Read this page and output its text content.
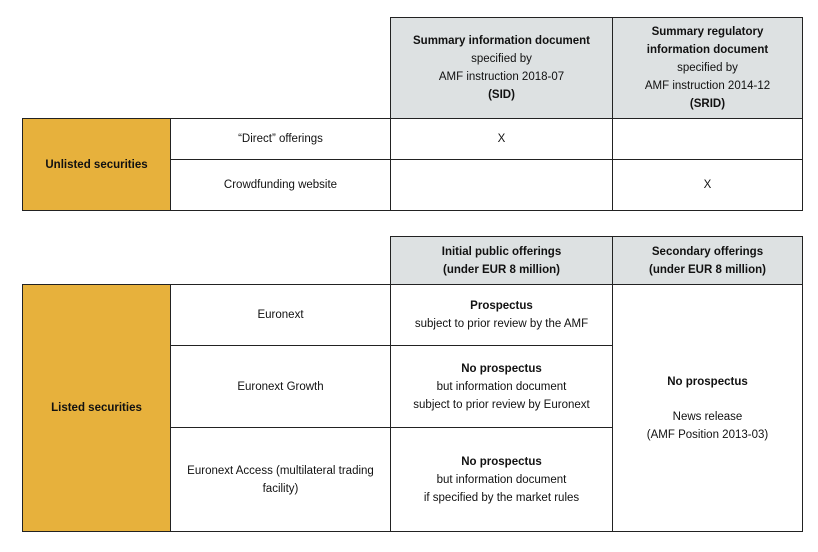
Summary information document
specified by
AMF instruction 2018-07
(SID)
Summary regulatory
information document
specified by
AMF instruction 2014-12
(SRID)
Unlisted securities
“Direct” offerings	X
Crowdfunding website	X
Initial public offerings
(under EUR 8 million)
Secondary offerings
(under EUR 8 million)
Listed securities
Euronext
Prospectus
subject to prior review by the AMF
Euronext Growth
No prospectus
but information document
subject to prior review by Euronext
Euronext Access (multilateral trading
facility)
No prospectus
but information document
if specified by the market rules
No prospectus
News release
(AMF Position 2013-03)
